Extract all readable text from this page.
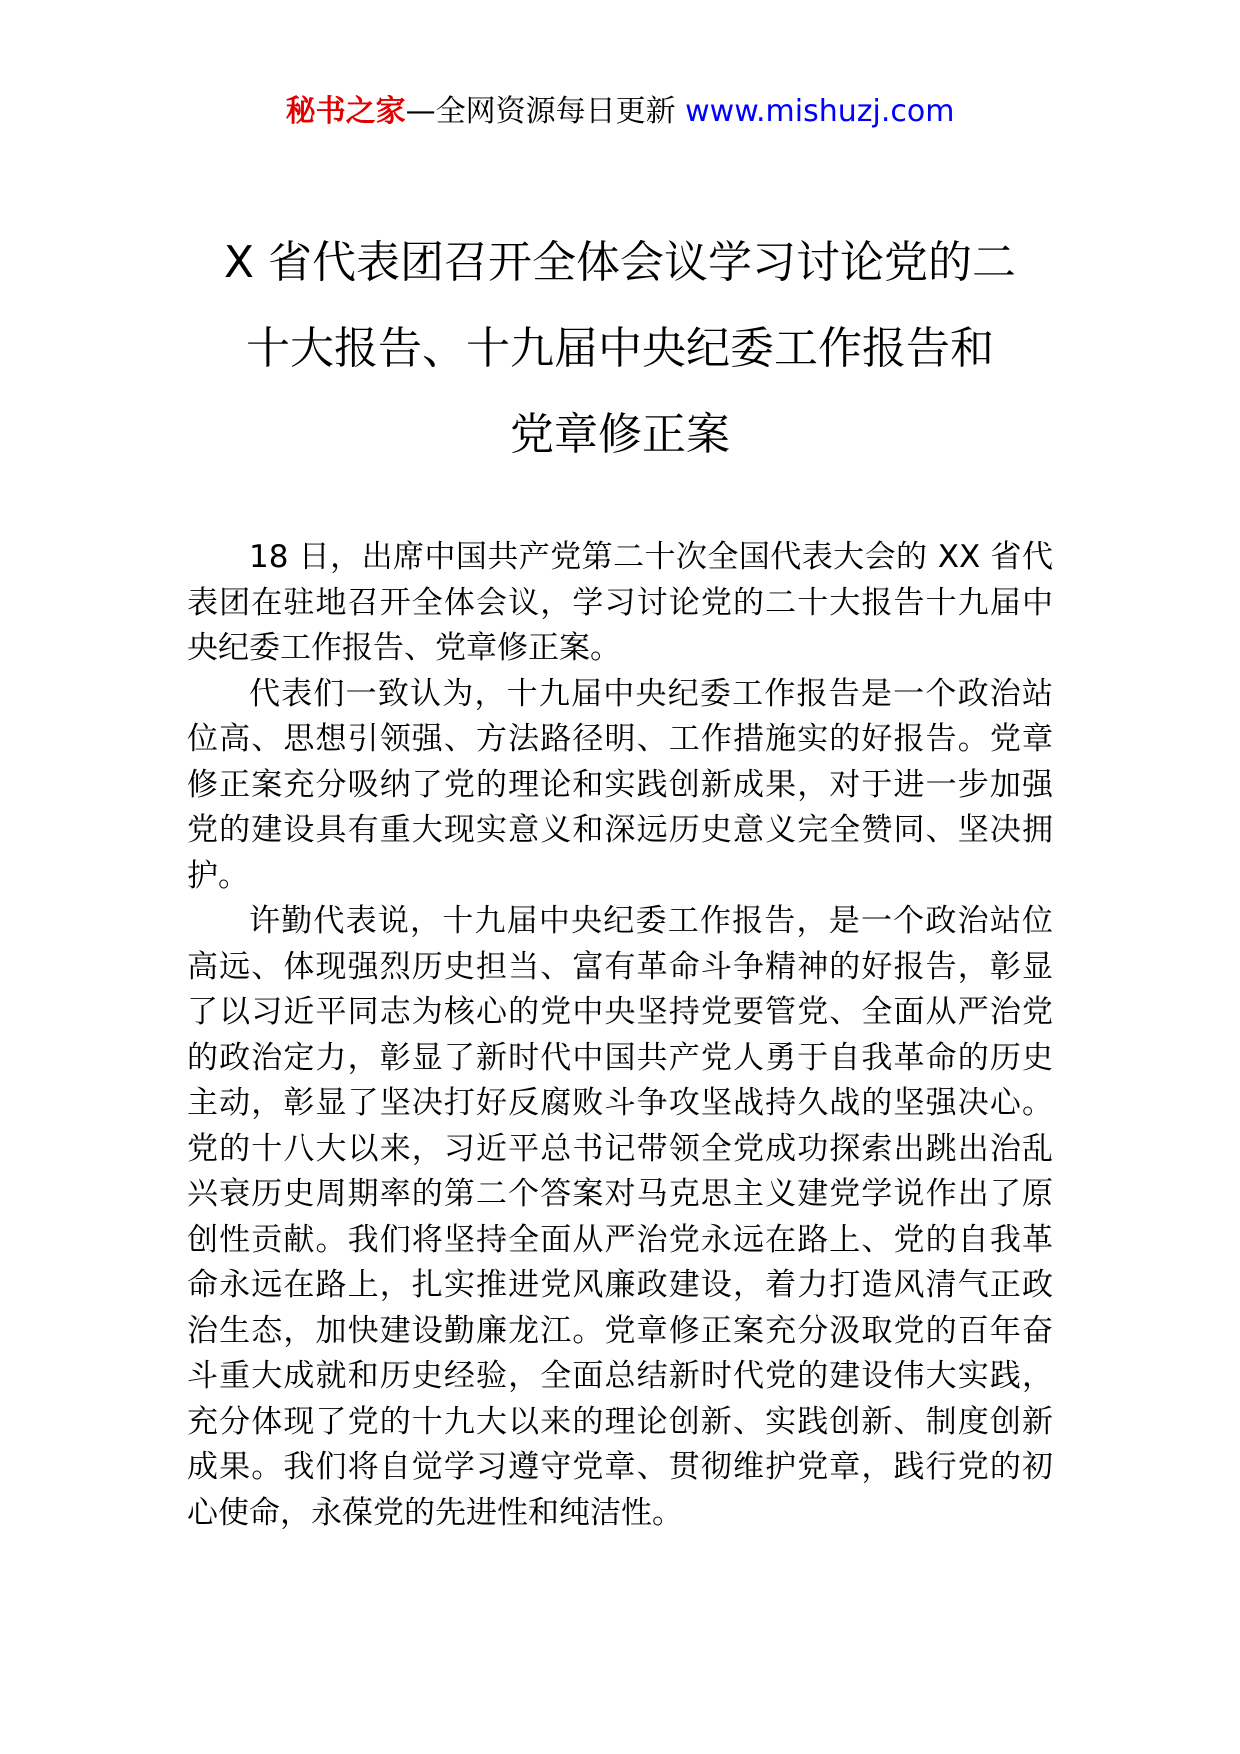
秘书之家—全网资源每日更新 www.mishuzj.com
X 省代表团召开全体会议学习讨论党的二
十大报告、十九届中央纪委工作报告和
党章修正案

18 日，出席中国共产党第二十次全国代表大会的 XX 省代表团在驻地召开全体会议，学习讨论党的二十大报告十九届中央纪委工作报告、党章修正案。

代表们一致认为，十九届中央纪委工作报告是一个政治站位高、思想引领强、方法路径明、工作措施实的好报告。党章修正案充分吸纳了党的理论和实践创新成果，对于进一步加强党的建设具有重大现实意义和深远历史意义完全赞同、坚决拥护。

许勤代表说，十九届中央纪委工作报告，是一个政治站位高远、体现强烈历史担当、富有革命斗争精神的好报告，彰显了以习近平同志为核心的党中央坚持党要管党、全面从严治党的政治定力，彰显了新时代中国共产党人勇于自我革命的历史主动，彰显了坚决打好反腐败斗争攻坚战持久战的坚强决心。党的十八大以来，习近平总书记带领全党成功探索出跳出治乱兴衰历史周期率的第二个答案对马克思主义建党学说作出了原创性贡献。我们将坚持全面从严治党永远在路上、党的自我革命永远在路上，扎实推进党风廉政建设，着力打造风清气正政治生态，加快建设勤廉龙江。党章修正案充分汲取党的百年奋斗重大成就和历史经验，全面总结新时代党的建设伟大实践，充分体现了党的十九大以来的理论创新、实践创新、制度创新成果。我们将自觉学习遵守党章、贯彻维护党章，践行党的初心使命，永葆党的先进性和纯洁性。
